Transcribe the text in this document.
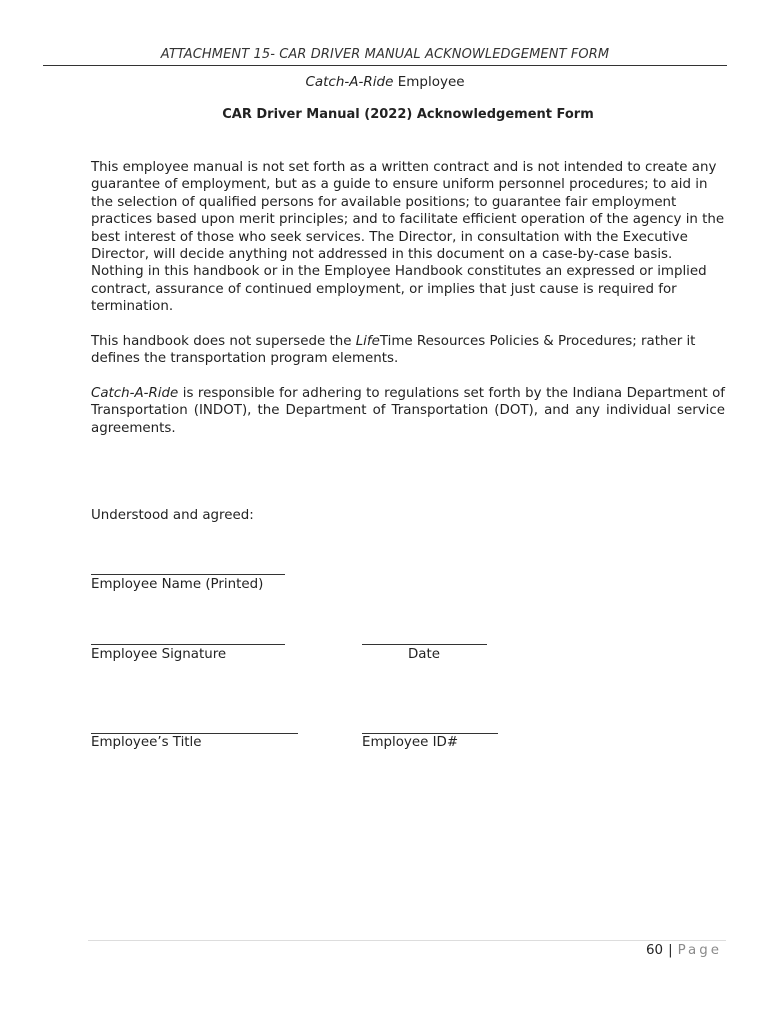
ATTACHMENT 15- CAR DRIVER MANUAL ACKNOWLEDGEMENT FORM
Catch-A-Ride Employee
CAR Driver Manual (2022) Acknowledgement Form

This employee manual is not set forth as a written contract and is not intended to create any guarantee of employment, but as a guide to ensure uniform personnel procedures; to aid in the selection of qualified persons for available positions; to guarantee fair employment practices based upon merit principles; and to facilitate efficient operation of the agency in the best interest of those who seek services. The Director, in consultation with the Executive Director, will decide anything not addressed in this document on a case-by-case basis. Nothing in this handbook or in the Employee Handbook constitutes an expressed or implied contract, assurance of continued employment, or implies that just cause is required for termination.

This handbook does not supersede the LifeTime Resources Policies & Procedures; rather it defines the transportation program elements.

Catch-A-Ride is responsible for adhering to regulations set forth by the Indiana Department of Transportation (INDOT), the Department of Transportation (DOT), and any individual service agreements.

Understood and agreed:
Employee Name (Printed)
Employee Signature	Date
Employee’s Title	Employee ID#
60 | Page
